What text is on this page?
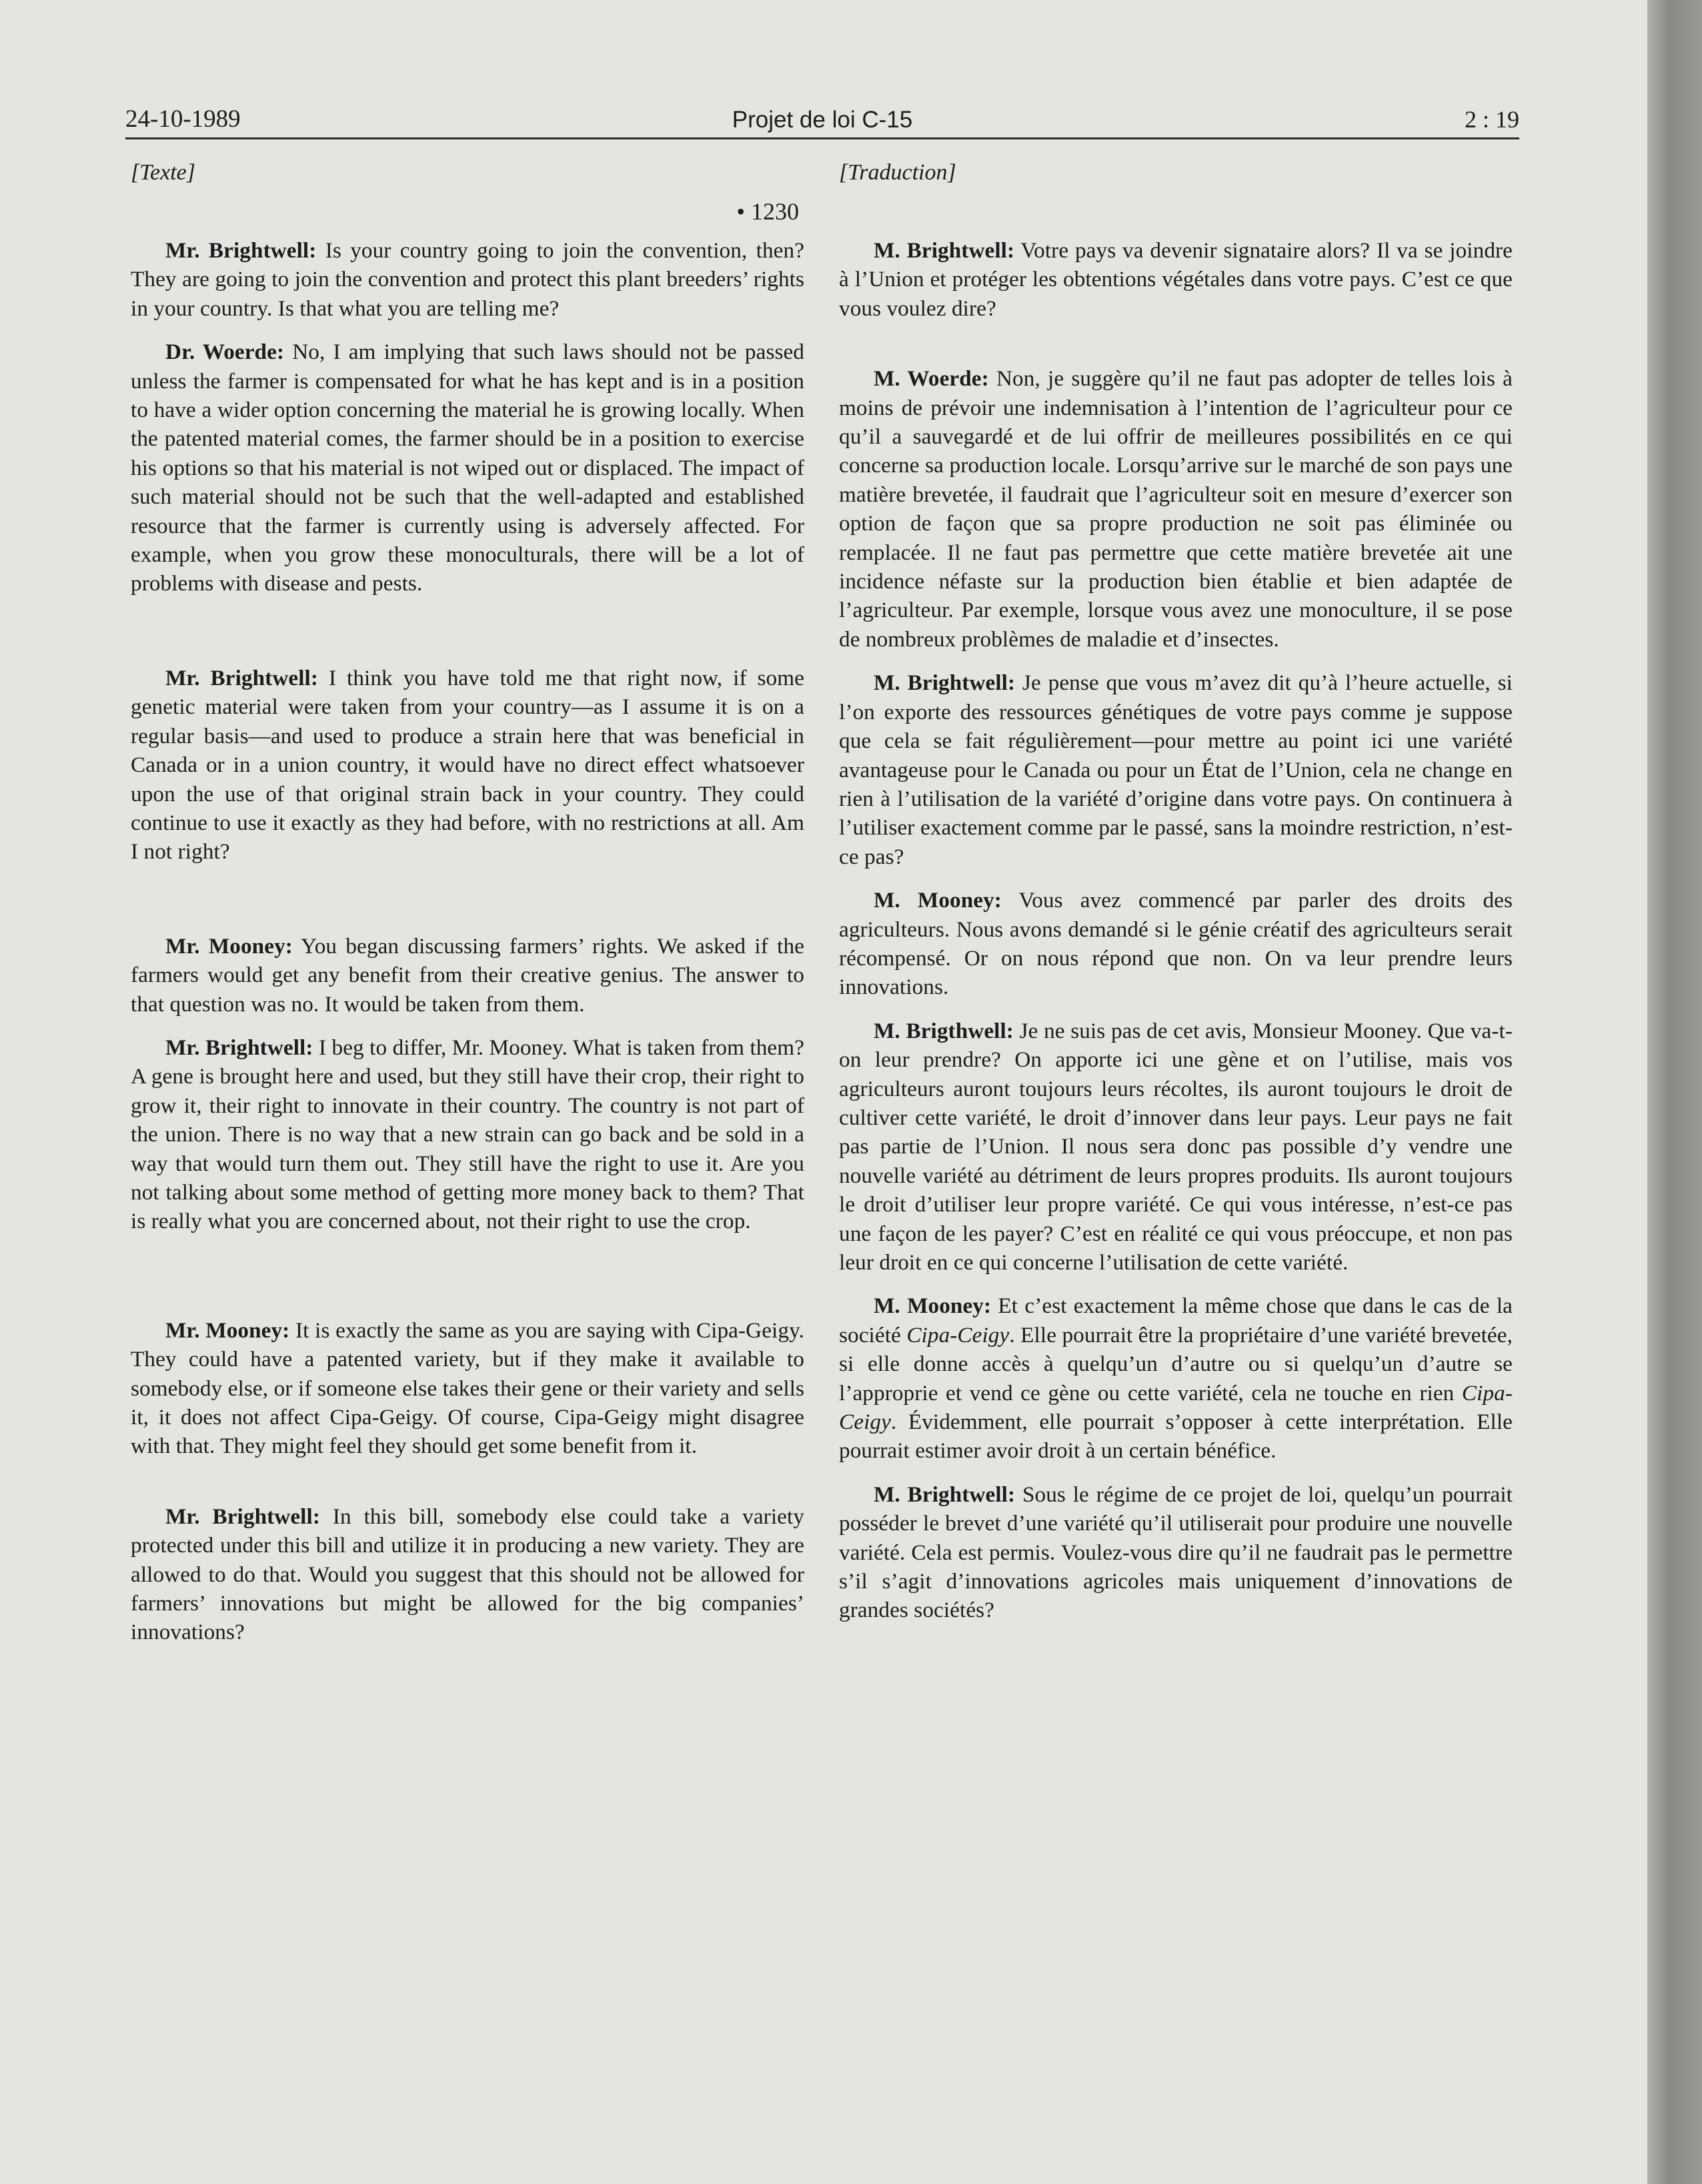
24-10-1989	Projet de loi C-15	2 : 19

[Texte]

• 1230

Mr. Brightwell: Is your country going to join the convention, then? They are going to join the convention and protect this plant breeders’ rights in your country. Is that what you are telling me?

Dr. Woerde: No, I am implying that such laws should not be passed unless the farmer is compensated for what he has kept and is in a position to have a wider option concerning the material he is growing locally. When the patented material comes, the farmer should be in a position to exercise his options so that his material is not wiped out or displaced. The impact of such material should not be such that the well-adapted and established resource that the farmer is currently using is adversely affected. For example, when you grow these monoculturals, there will be a lot of problems with disease and pests.

Mr. Brightwell: I think you have told me that right now, if some genetic material were taken from your country—as I assume it is on a regular basis—and used to produce a strain here that was beneficial in Canada or in a union country, it would have no direct effect whatsoever upon the use of that original strain back in your country. They could continue to use it exactly as they had before, with no restrictions at all. Am I not right?

Mr. Mooney: You began discussing farmers’ rights. We asked if the farmers would get any benefit from their creative genius. The answer to that question was no. It would be taken from them.

Mr. Brightwell: I beg to differ, Mr. Mooney. What is taken from them? A gene is brought here and used, but they still have their crop, their right to grow it, their right to innovate in their country. The country is not part of the union. There is no way that a new strain can go back and be sold in a way that would turn them out. They still have the right to use it. Are you not talking about some method of getting more money back to them? That is really what you are concerned about, not their right to use the crop.

Mr. Mooney: It is exactly the same as you are saying with Cipa-Geigy. They could have a patented variety, but if they make it available to somebody else, or if someone else takes their gene or their variety and sells it, it does not affect Cipa-Geigy. Of course, Cipa-Geigy might disagree with that. They might feel they should get some benefit from it.

Mr. Brightwell: In this bill, somebody else could take a variety protected under this bill and utilize it in producing a new variety. They are allowed to do that. Would you suggest that this should not be allowed for farmers’ innovations but might be allowed for the big companies’ innovations?

[Traduction]

M. Brightwell: Votre pays va devenir signataire alors? Il va se joindre à l’Union et protéger les obtentions végétales dans votre pays. C’est ce que vous voulez dire?

M. Woerde: Non, je suggère qu’il ne faut pas adopter de telles lois à moins de prévoir une indemnisation à l’intention de l’agriculteur pour ce qu’il a sauvegardé et de lui offrir de meilleures possibilités en ce qui concerne sa production locale. Lorsqu’arrive sur le marché de son pays une matière brevetée, il faudrait que l’agriculteur soit en mesure d’exercer son option de façon que sa propre production ne soit pas éliminée ou remplacée. Il ne faut pas permettre que cette matière brevetée ait une incidence néfaste sur la production bien établie et bien adaptée de l’agriculteur. Par exemple, lorsque vous avez une monoculture, il se pose de nombreux problèmes de maladie et d’insectes.

M. Brightwell: Je pense que vous m’avez dit qu’à l’heure actuelle, si l’on exporte des ressources génétiques de votre pays comme je suppose que cela se fait régulièrement—pour mettre au point ici une variété avantageuse pour le Canada ou pour un État de l’Union, cela ne change en rien à l’utilisation de la variété d’origine dans votre pays. On continuera à l’utiliser exactement comme par le passé, sans la moindre restriction, n’est-ce pas?

M. Mooney: Vous avez commencé par parler des droits des agriculteurs. Nous avons demandé si le génie créatif des agriculteurs serait récompensé. Or on nous répond que non. On va leur prendre leurs innovations.

M. Brigthwell: Je ne suis pas de cet avis, Monsieur Mooney. Que va-t-on leur prendre? On apporte ici une gène et on l’utilise, mais vos agriculteurs auront toujours leurs récoltes, ils auront toujours le droit de cultiver cette variété, le droit d’innover dans leur pays. Leur pays ne fait pas partie de l’Union. Il nous sera donc pas possible d’y vendre une nouvelle variété au détriment de leurs propres produits. Ils auront toujours le droit d’utiliser leur propre variété. Ce qui vous intéresse, n’est-ce pas une façon de les payer? C’est en réalité ce qui vous préoccupe, et non pas leur droit en ce qui concerne l’utilisation de cette variété.

M. Mooney: Et c’est exactement la même chose que dans le cas de la société Cipa-Ceigy. Elle pourrait être la propriétaire d’une variété brevetée, si elle donne accès à quelqu’un d’autre ou si quelqu’un d’autre se l’approprie et vend ce gène ou cette variété, cela ne touche en rien Cipa-Ceigy. Évidemment, elle pourrait s’opposer à cette interprétation. Elle pourrait estimer avoir droit à un certain bénéfice.

M. Brightwell: Sous le régime de ce projet de loi, quelqu’un pourrait posséder le brevet d’une variété qu’il utiliserait pour produire une nouvelle variété. Cela est permis. Voulez-vous dire qu’il ne faudrait pas le permettre s’il s’agit d’innovations agricoles mais uniquement d’innovations de grandes sociétés?
